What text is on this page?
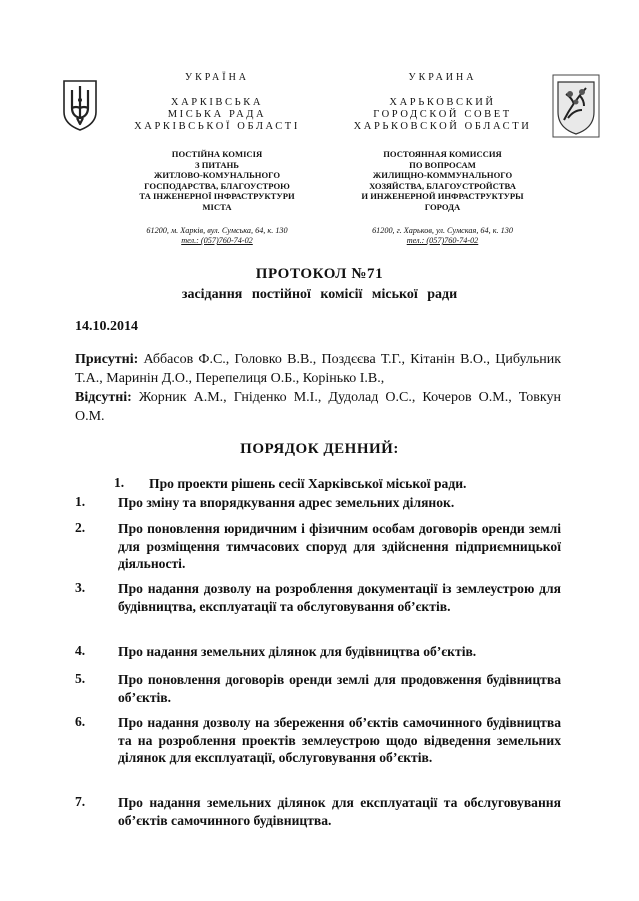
УКРАЇНА
ХАРКІВСЬКА
МІСЬКА РАДА
ХАРКІВСЬКОЇ ОБЛАСТІ
ПОСТІЙНА КОМІСІЯ
З ПИТАНЬ
ЖИТЛОВО-КОМУНАЛЬНОГО
ГОСПОДАРСТВА, БЛАГОУСТРОЮ
ТА ІНЖЕНЕРНОЇ ІНФРАСТРУКТУРИ
МІСТА
61200, м. Харків, вул. Сумська, 64, к. 130
тел.: (057)760-74-02
УКРАИНА
ХАРЬКОВСКИЙ
ГОРОДСКОЙ СОВЕТ
ХАРЬКОВСКОЙ ОБЛАСТИ
ПОСТОЯННАЯ КОМИССИЯ
ПО ВОПРОСАМ
ЖИЛИЩНО-КОММУНАЛЬНОГО
ХОЗЯЙСТВА, БЛАГОУСТРОЙСТВА
И ИНЖЕНЕРНОЙ ИНФРАСТРУКТУРЫ
ГОРОДА
61200, г. Харьков, ул. Сумская, 64, к. 130
тел.: (057)760-74-02
ПРОТОКОЛ №71
засідання постійної комісії міської ради
14.10.2014
Присутні: Аббасов Ф.С., Головко В.В., Поздєєва Т.Г., Кітанін В.О., Цибульник Т.А., Маринін Д.О., Перепелиця О.Б., Корінько І.В.,
Відсутні: Жорник А.М., Гніденко М.І., Дудолад О.С., Кочеров О.М., Товкун О.М.
ПОРЯДОК ДЕННИЙ:
1. Про проекти рішень сесії Харківської міської ради.
1. Про зміну та впорядкування адрес земельних ділянок.
2. Про поновлення юридичним і фізичним особам договорів оренди землі для розміщення тимчасових споруд для здійснення підприємницької діяльності.
3. Про надання дозволу на розроблення документації із землеустрою для будівництва, експлуатації та обслуговування об’єктів.
4. Про надання земельних ділянок для будівництва об’єктів.
5. Про поновлення договорів оренди землі для продовження будівництва об’єктів.
6. Про надання дозволу на збереження об’єктів самочинного будівництва та на розроблення проектів землеустрою щодо відведення земельних ділянок для експлуатації, обслуговування об’єктів.
7. Про надання земельних ділянок для експлуатації та обслуговування об’єктів самочинного будівництва.
